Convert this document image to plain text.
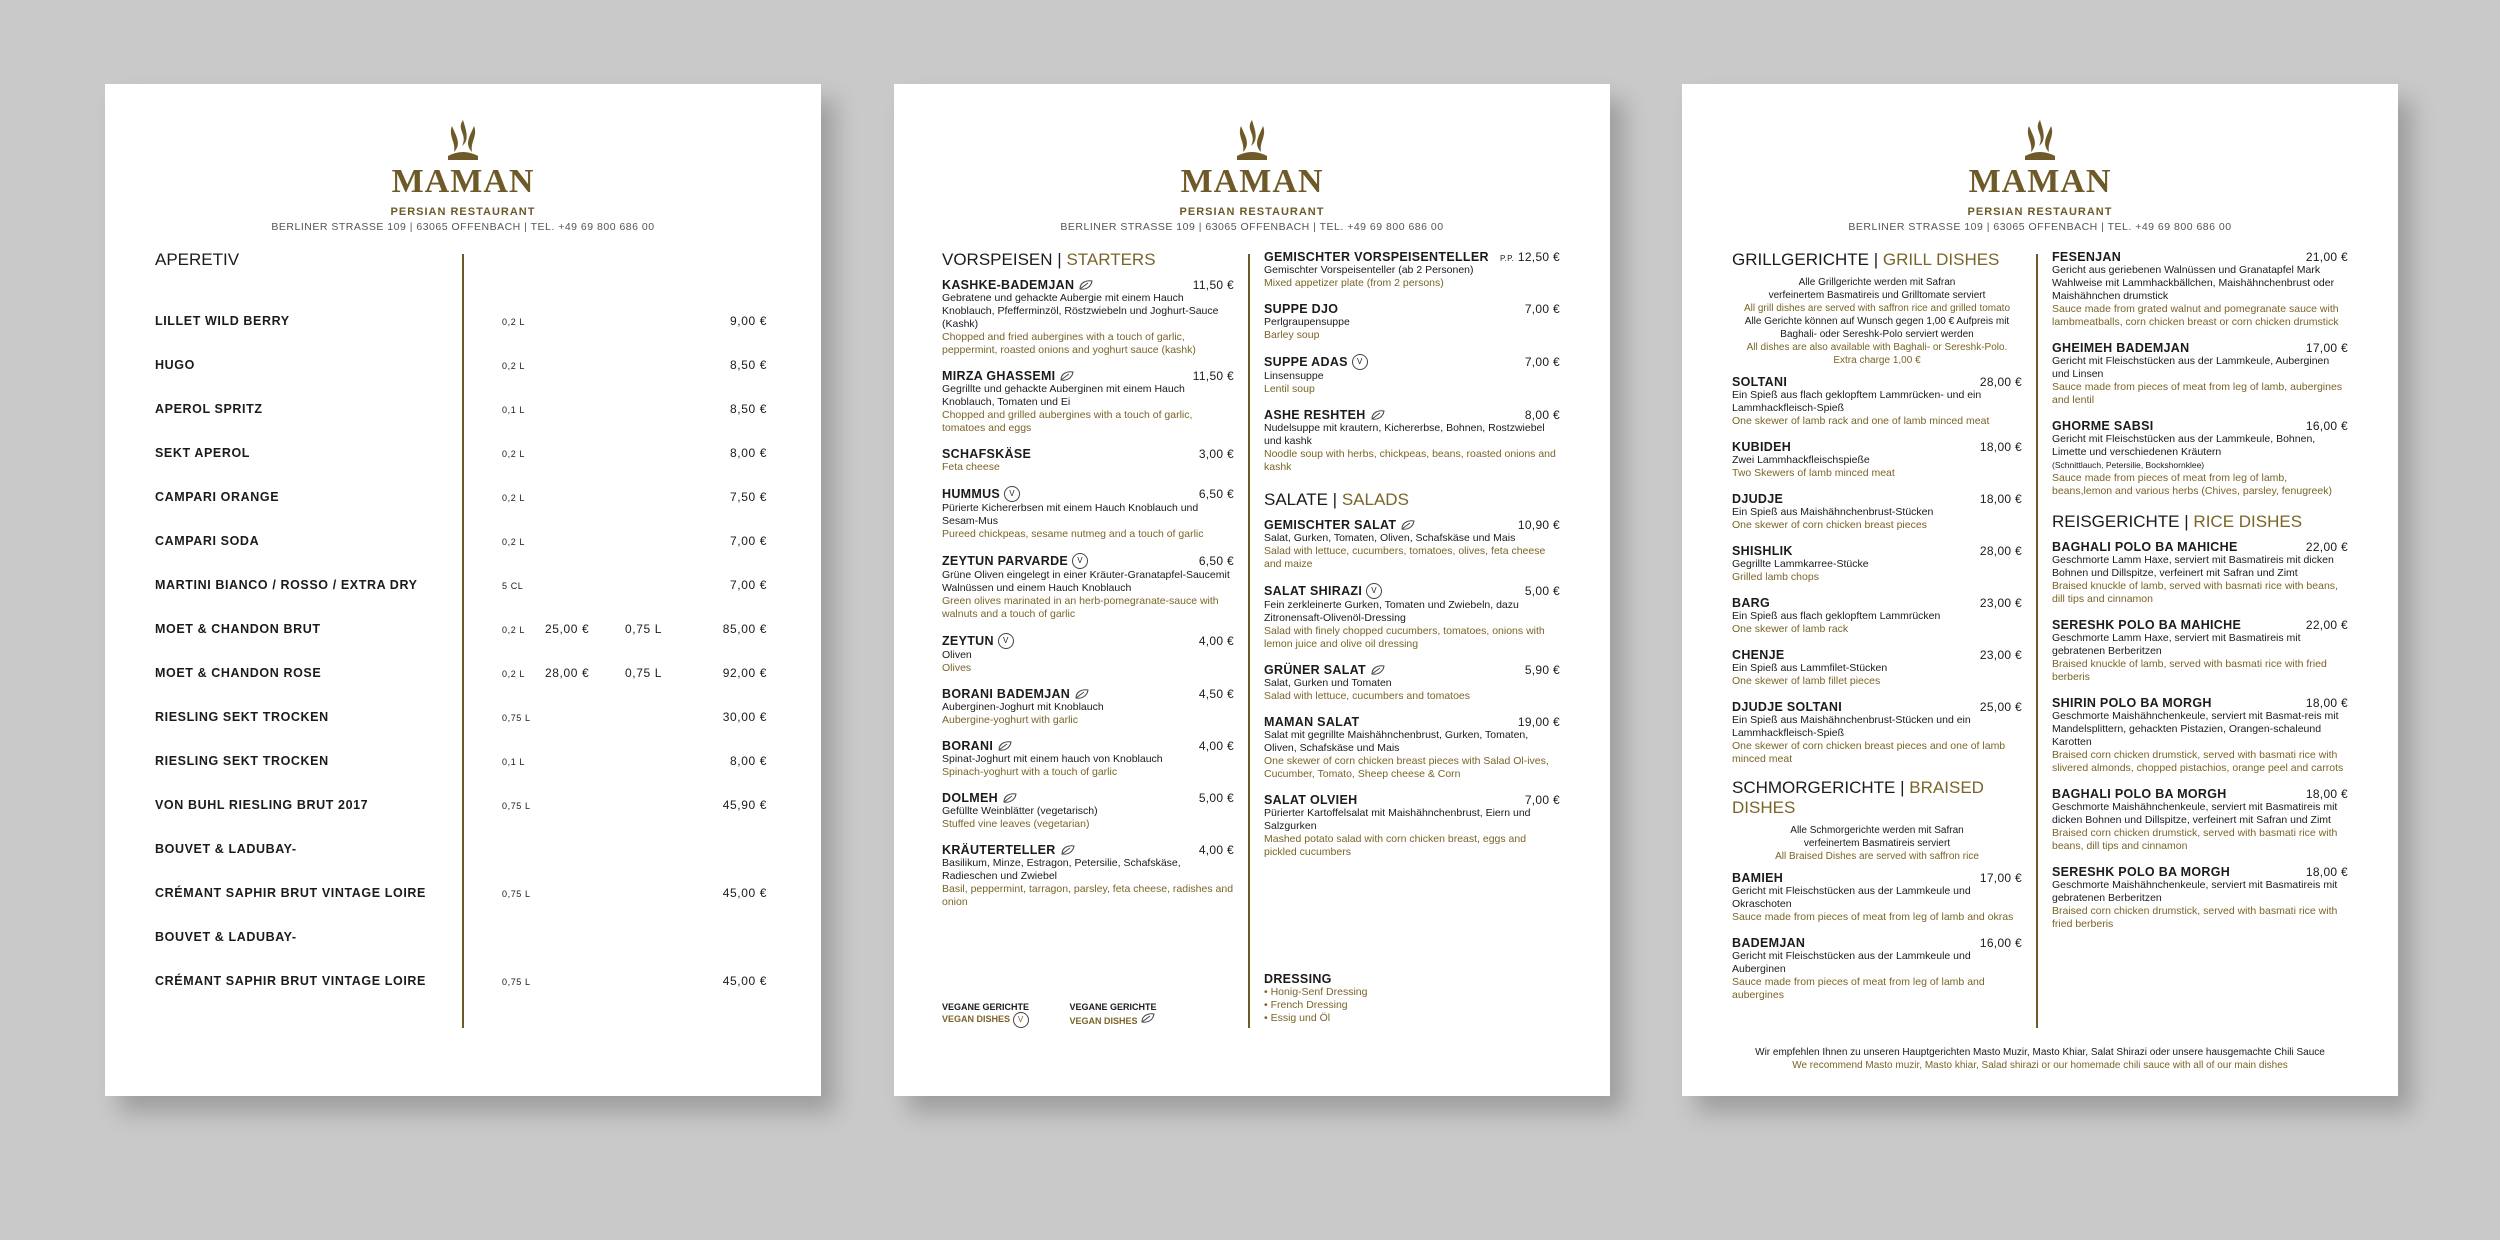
MAMAN
PERSIAN RESTAURANT
BERLINER STRASSE 109 | 63065 OFFENBACH | TEL. +49 69 800 686 00
APERETIV
LILLET WILD BERRY	0,2 L	9,00 €
HUGO	0,2 L	8,50 €
APEROL SPRITZ	0,1 L	8,50 €
SEKT APEROL	0,2 L	8,00 €
CAMPARI ORANGE	0,2 L	7,50 €
CAMPARI SODA	0,2 L	7,00 €
MARTINI BIANCO / ROSSO / EXTRA DRY	5 CL	7,00 €
MOET & CHANDON BRUT	0,2 L 25,00 €	0,75 L	85,00 €
MOET & CHANDON ROSE	0,2 L 28,00 €	0,75 L	92,00 €
RIESLING SEKT TROCKEN	0,75 L	30,00 €
RIESLING SEKT TROCKEN	0,1 L	8,00 €
VON BUHL RIESLING BRUT 2017	0,75 L	45,90 €
BOUVET & LADUBAY-
CRÉMANT SAPHIR BRUT VINTAGE LOIRE	0,75 L	45,00 €
BOUVET & LADUBAY-
CRÉMANT SAPHIR BRUT VINTAGE LOIRE	0,75 L	45,00 €
MAMAN
PERSIAN RESTAURANT
BERLINER STRASSE 109 | 63065 OFFENBACH | TEL. +49 69 800 686 00
VORSPEISEN | STARTERS
KASHKE-BADEMJAN	11,50 €
Gebratene und gehackte Aubergie mit einem Hauch Knoblauch, Pfefferminzöl, Röstzwiebeln und Joghurt-Sauce (Kashk)
Chopped and fried aubergines with a touch of garlic, peppermint, roasted onions and yoghurt sauce (kashk)
MIRZA GHASSEMI	11,50 €
Gegrillte und gehackte Auberginen mit einem Hauch Knoblauch, Tomaten und Ei
Chopped and grilled aubergines with a touch of garlic, tomatoes and eggs
SCHAFSKÄSE	3,00 €
Feta cheese
HUMMUS	V	6,50 €
Pürierte Kichererbsen mit einem Hauch Knoblauch und Sesam-Mus
Pureed chickpeas, sesame nutmeg and a touch of garlic
ZEYTUN PARVARDE	V	6,50 €
Grüne Oliven eingelegt in einer Kräuter-Granatapfel-Saucemit Walnüssen und einem Hauch Knoblauch
Green olives marinated in an herb-pomegranate-sauce with walnuts and a touch of garlic
ZEYTUN	V	4,00 €
Oliven
Olives
BORANI BADEMJAN	4,50 €
Auberginen-Joghurt mit Knoblauch
Aubergine-yoghurt with garlic
BORANI	4,00 €
Spinat-Joghurt mit einem hauch von Knoblauch
Spinach-yoghurt with a touch of garlic
DOLMEH	5,00 €
Gefüllte Weinblätter (vegetarisch)
Stuffed vine leaves (vegetarian)
KRÄUTERTELLER	4,00 €
Basilikum, Minze, Estragon, Petersilie, Schafskäse, Radieschen und Zwiebel
Basil, peppermint, tarragon, parsley, feta cheese, radishes and onion
VEGANE GERICHTE
VEGAN DISHES V

VEGANE GERICHTE
VEGAN DISHES
GEMISCHTER VORSPEISENTELLER P.P. 12,50 €
Gemischter Vorspeisenteller (ab 2 Personen)
Mixed appetizer plate (from 2 persons)
SUPPE DJO	7,00 €
Perlgraupensuppe
Barley soup
SUPPE ADAS	V	7,00 €
Linsensuppe
Lentil soup
ASHE RESHTEH	8,00 €
Nudelsuppe mit krautern, Kichererbse, Bohnen, Rostzwiebel und kashk
Noodle soup with herbs, chickpeas, beans, roasted onions and kashk
SALATE | SALADS
GEMISCHTER SALAT	10,90 €
Salat, Gurken, Tomaten, Oliven, Schafskäse und Mais
Salad with lettuce, cucumbers, tomatoes, olives, feta cheese and maize
SALAT SHIRAZI	V	5,00 €
Fein zerkleinerte Gurken, Tomaten und Zwiebeln, dazu Zitronensaft-Olivenöl-Dressing
Salad with finely chopped cucumbers, tomatoes, onions with lemon juice and olive oil dressing
GRÜNER SALAT	5,90 €
Salat, Gurken und Tomaten
Salad with lettuce, cucumbers and tomatoes
MAMAN SALAT	19,00 €
Salat mit gegrillte Maishähnchenbrust, Gurken, Tomaten, Oliven, Schafskäse und Mais
One skewer of corn chicken breast pieces with Salad Ol-ives, Cucumber, Tomato, Sheep cheese & Corn
SALAT OLVIEH	7,00 €
Pürierter Kartoffelsalat mit Maishähnchenbrust, Eiern und Salzgurken
Mashed potato salad with corn chicken breast, eggs and pickled cucumbers
DRESSING
• Honig-Senf Dressing
• French Dressing
• Essig und Öl
MAMAN
PERSIAN RESTAURANT
BERLINER STRASSE 109 | 63065 OFFENBACH | TEL. +49 69 800 686 00
GRILLGERICHTE | GRILL DISHES
Alle Grillgerichte werden mit Safran
verfeinertem Basmatireis und Grilltomate serviert
All grill dishes are served with saffron rice and grilled tomato
Alle Gerichte können auf Wunsch gegen 1,00 € Aufpreis mit
Baghali- oder Sereshk-Polo serviert werden
All dishes are also available with Baghali- or Sereshk-Polo.
Extra charge 1,00 €
SOLTANI	28,00 €
Ein Spieß aus flach geklopftem Lammrücken- und ein Lammhackfleisch-Spieß
One skewer of lamb rack and one of lamb minced meat
KUBIDEH	18,00 €
Zwei Lammhackfleischspieße
Two Skewers of lamb minced meat
DJUDJE	18,00 €
Ein Spieß aus Maishähnchenbrust-Stücken
One skewer of corn chicken breast pieces
SHISHLIK	28,00 €
Gegrillte Lammkarree-Stücke
Grilled lamb chops
BARG	23,00 €
Ein Spieß aus flach geklopftem Lammrücken
One skewer of lamb rack
CHENJE	23,00 €
Ein Spieß aus Lammfilet-Stücken
One skewer of lamb fillet pieces
DJUDJE SOLTANI	25,00 €
Ein Spieß aus Maishähnchenbrust-Stücken und ein Lammhackfleisch-Spieß
One skewer of corn chicken breast pieces and one of lamb minced meat
SCHMORGERICHTE | BRAISED DISHES
Alle Schmorgerichte werden mit Safran
verfeinertem Basmatireis serviert
All Braised Dishes are served with saffron rice
BAMIEH	17,00 €
Gericht mit Fleischstücken aus der Lammkeule und Okraschoten
Sauce made from pieces of meat from leg of lamb and okras
BADEMJAN	16,00 €
Gericht mit Fleischstücken aus der Lammkeule und Auberginen
Sauce made from pieces of meat from leg of lamb and aubergines
FESENJAN	21,00 €
Gericht aus geriebenen Walnüssen und Granatapfel Mark Wahlweise mit Lammhackbällchen, Maishähnchenbrust oder Maishähnchen drumstick
Sauce made from grated walnut and pomegranate sauce with lambmeatballs, corn chicken breast or corn chicken drumstick
GHEIMEH BADEMJAN	17,00 €
Gericht mit Fleischstücken aus der Lammkeule, Auberginen und Linsen
Sauce made from pieces of meat from leg of lamb, aubergines and lentil
GHORME SABSI	16,00 €
Gericht mit Fleischstücken aus der Lammkeule, Bohnen, Limette und verschiedenen Kräutern
(Schnittlauch, Petersilie, Bockshornklee)
Sauce made from pieces of meat from leg of lamb, beans,lemon and various herbs (Chives, parsley, fenugreek)
REISGERICHTE | RICE DISHES
BAGHALI POLO BA MAHICHE	22,00 €
Geschmorte Lamm Haxe, serviert mit Basmatireis mit dicken Bohnen und Dillspitze, verfeinert mit Safran und Zimt
Braised knuckle of lamb, served with basmati rice with beans, dill tips and cinnamon
SERESHK POLO BA MAHICHE	22,00 €
Geschmorte Lamm Haxe, serviert mit Basmatireis mit gebratenen Berberitzen
Braised knuckle of lamb, served with basmati rice with fried berberis
SHIRIN POLO BA MORGH	18,00 €
Geschmorte Maishähnchenkeule, serviert mit Basmat-reis mit Mandelsplittern, gehackten Pistazien, Orangen-schaleund Karotten
Braised corn chicken drumstick, served with basmati rice with slivered almonds, chopped pistachios, orange peel and carrots
BAGHALI POLO BA MORGH	18,00 €
Geschmorte Maishähnchenkeule, serviert mit Basmatireis mit dicken Bohnen und Dillspitze, verfeinert mit Safran und Zimt
Braised corn chicken drumstick, served with basmati rice with beans, dill tips and cinnamon
SERESHK POLO BA MORGH	18,00 €
Geschmorte Maishähnchenkeule, serviert mit Basmatireis mit gebratenen Berberitzen
Braised corn chicken drumstick, served with basmati rice with fried berberis
Wir empfehlen Ihnen zu unseren Hauptgerichten Masto Muzir, Masto Khiar, Salat Shirazi oder unsere hausgemachte Chili Sauce
We recommend Masto muzir, Masto khiar, Salad shirazi or our homemade chili sauce with all of our main dishes
